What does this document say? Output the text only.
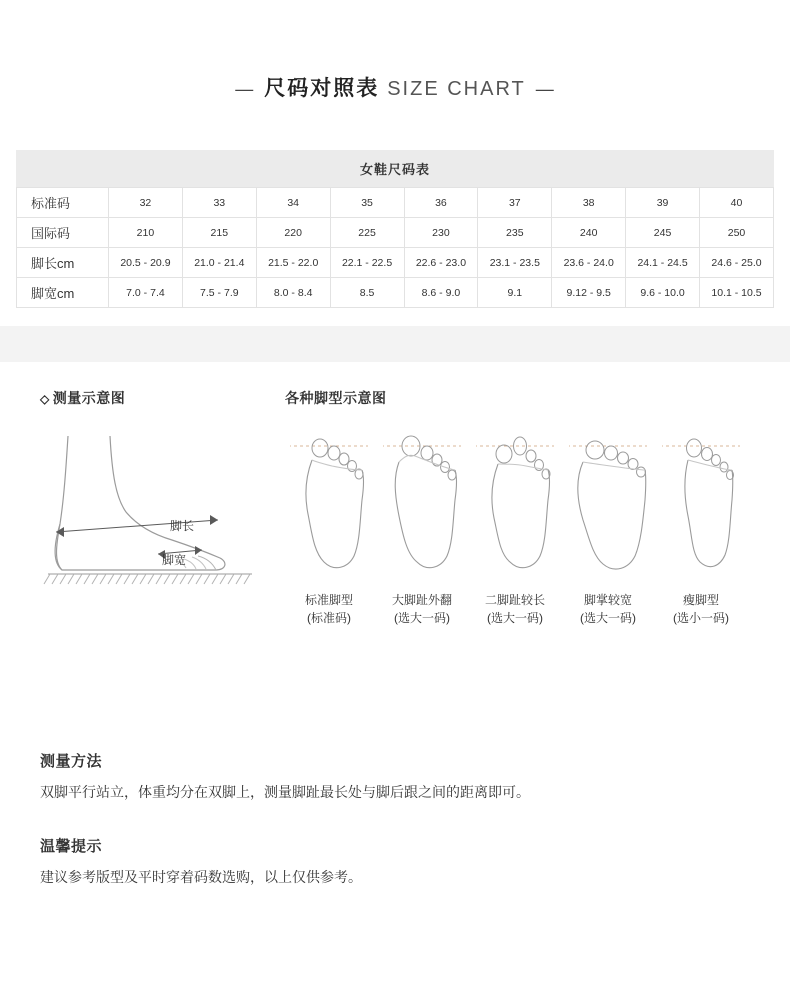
— 尺码对照表 SIZE CHART —
女鞋尺码表
标准码	32	33	34	35	36	37	38	39	40
国际码	210	215	220	225	230	235	240	245	250
脚长cm	20.5 - 20.9	21.0 - 21.4	21.5 - 22.0	22.1 - 22.5	22.6 - 23.0	23.1 - 23.5	23.6 - 24.0	24.1 - 24.5	24.6 - 25.0
脚宽cm	7.0 - 7.4	7.5 - 7.9	8.0 - 8.4	8.5	8.6 - 9.0	9.1	9.12 - 9.5	9.6 - 10.0	10.1 - 10.5
◇ 测量示意图
脚长
脚宽
各种脚型示意图
标准脚型
(标准码)
大脚趾外翻
(选大一码)
二脚趾较长
(选大一码)
脚掌较宽
(选大一码)
瘦脚型
(选小一码)
测量方法
双脚平行站立，体重均分在双脚上，测量脚趾最长处与脚后跟之间的距离即可。
温馨提示
建议参考版型及平时穿着码数选购，以上仅供参考。
